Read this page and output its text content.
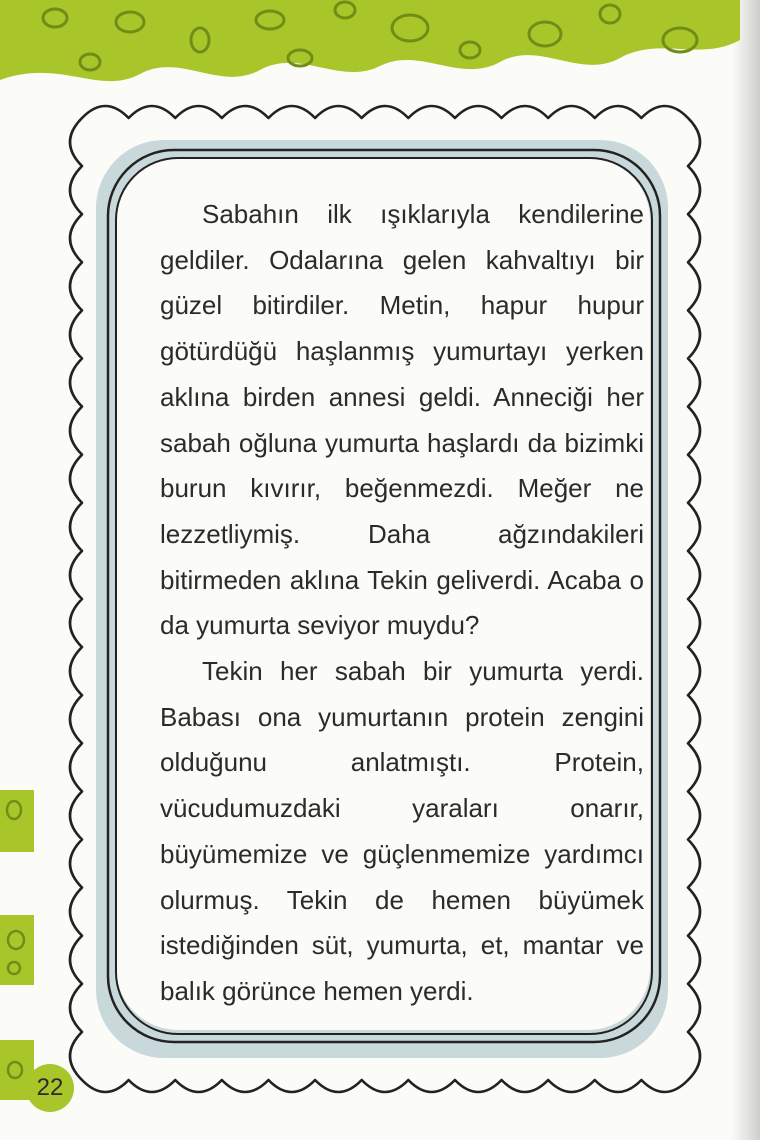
Sabahın ilk ışıklarıyla kendilerine geldiler. Odalarına gelen kahvaltıyı bir güzel bitirdiler. Metin, hapur hupur götürdüğü haşlanmış yumurtayı yerken aklına birden annesi geldi. Anneciği her sabah oğluna yumurta haşlardı da bizimki burun kıvırır, beğenmezdi. Meğer ne lezzetliymiş. Daha ağzındakileri bitirmeden aklına Tekin geliverdi. Acaba o da yumurta seviyor muydu?

Tekin her sabah bir yumurta yerdi. Babası ona yumurtanın protein zengini olduğunu anlatmıştı. Protein, vücudumuzdaki yaraları onarır, büyümemize ve güçlenmemize yardımcı olurmuş. Tekin de hemen büyümek istediğinden süt, yumurta, et, mantar ve balık görünce hemen yerdi.

22
